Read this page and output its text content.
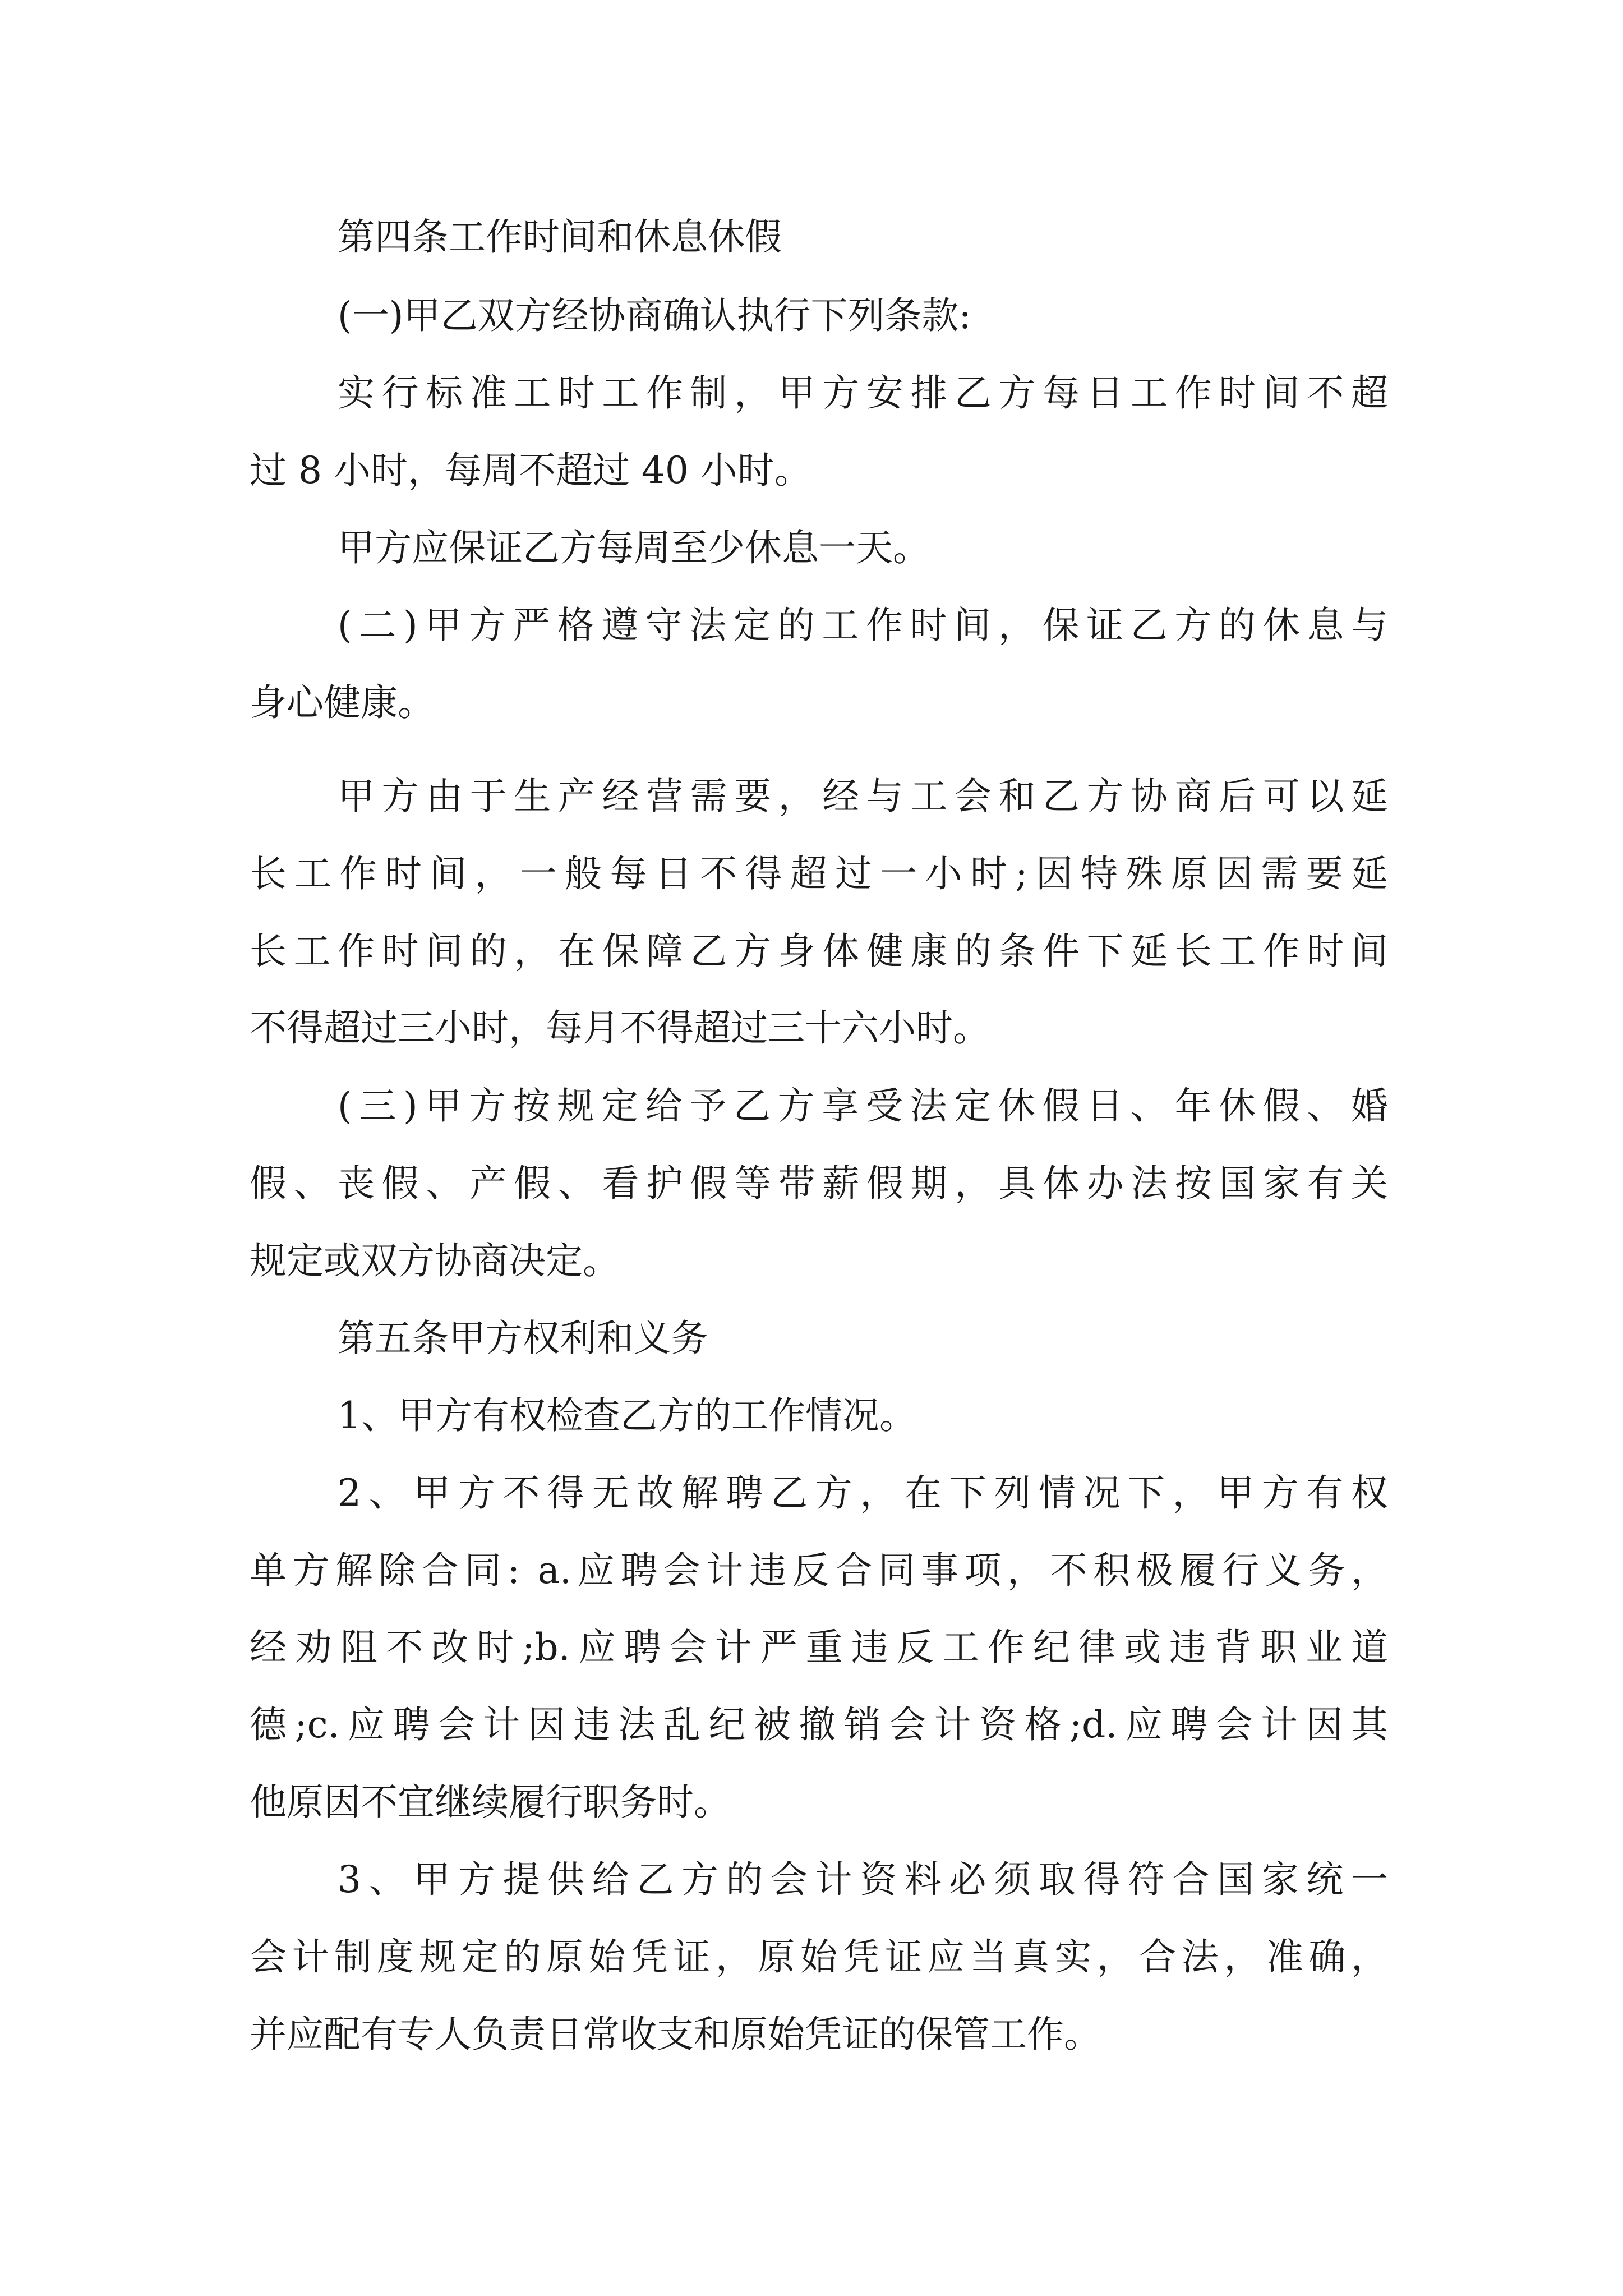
第四条工作时间和休息休假
(一)甲乙双方经协商确认执行下列条款:
实行标准工时工作制，甲方安排乙方每日工作时间不超
过 8 小时，每周不超过 40 小时。
甲方应保证乙方每周至少休息一天。
(二)甲方严格遵守法定的工作时间，保证乙方的休息与
身心健康。
甲方由于生产经营需要，经与工会和乙方协商后可以延
长工作时间，一般每日不得超过一小时;因特殊原因需要延
长工作时间的，在保障乙方身体健康的条件下延长工作时间
不得超过三小时，每月不得超过三十六小时。
(三)甲方按规定给予乙方享受法定休假日、年休假、婚
假、丧假、产假、看护假等带薪假期，具体办法按国家有关
规定或双方协商决定。
第五条甲方权利和义务
1、甲方有权检查乙方的工作情况。
2、甲方不得无故解聘乙方，在下列情况下，甲方有权
单方解除合同: a.应聘会计违反合同事项，不积极履行义务，
经劝阻不改时;b.应聘会计严重违反工作纪律或违背职业道
德;c.应聘会计因违法乱纪被撤销会计资格;d.应聘会计因其
他原因不宜继续履行职务时。
3、甲方提供给乙方的会计资料必须取得符合国家统一
会计制度规定的原始凭证，原始凭证应当真实，合法，准确，
并应配有专人负责日常收支和原始凭证的保管工作。
